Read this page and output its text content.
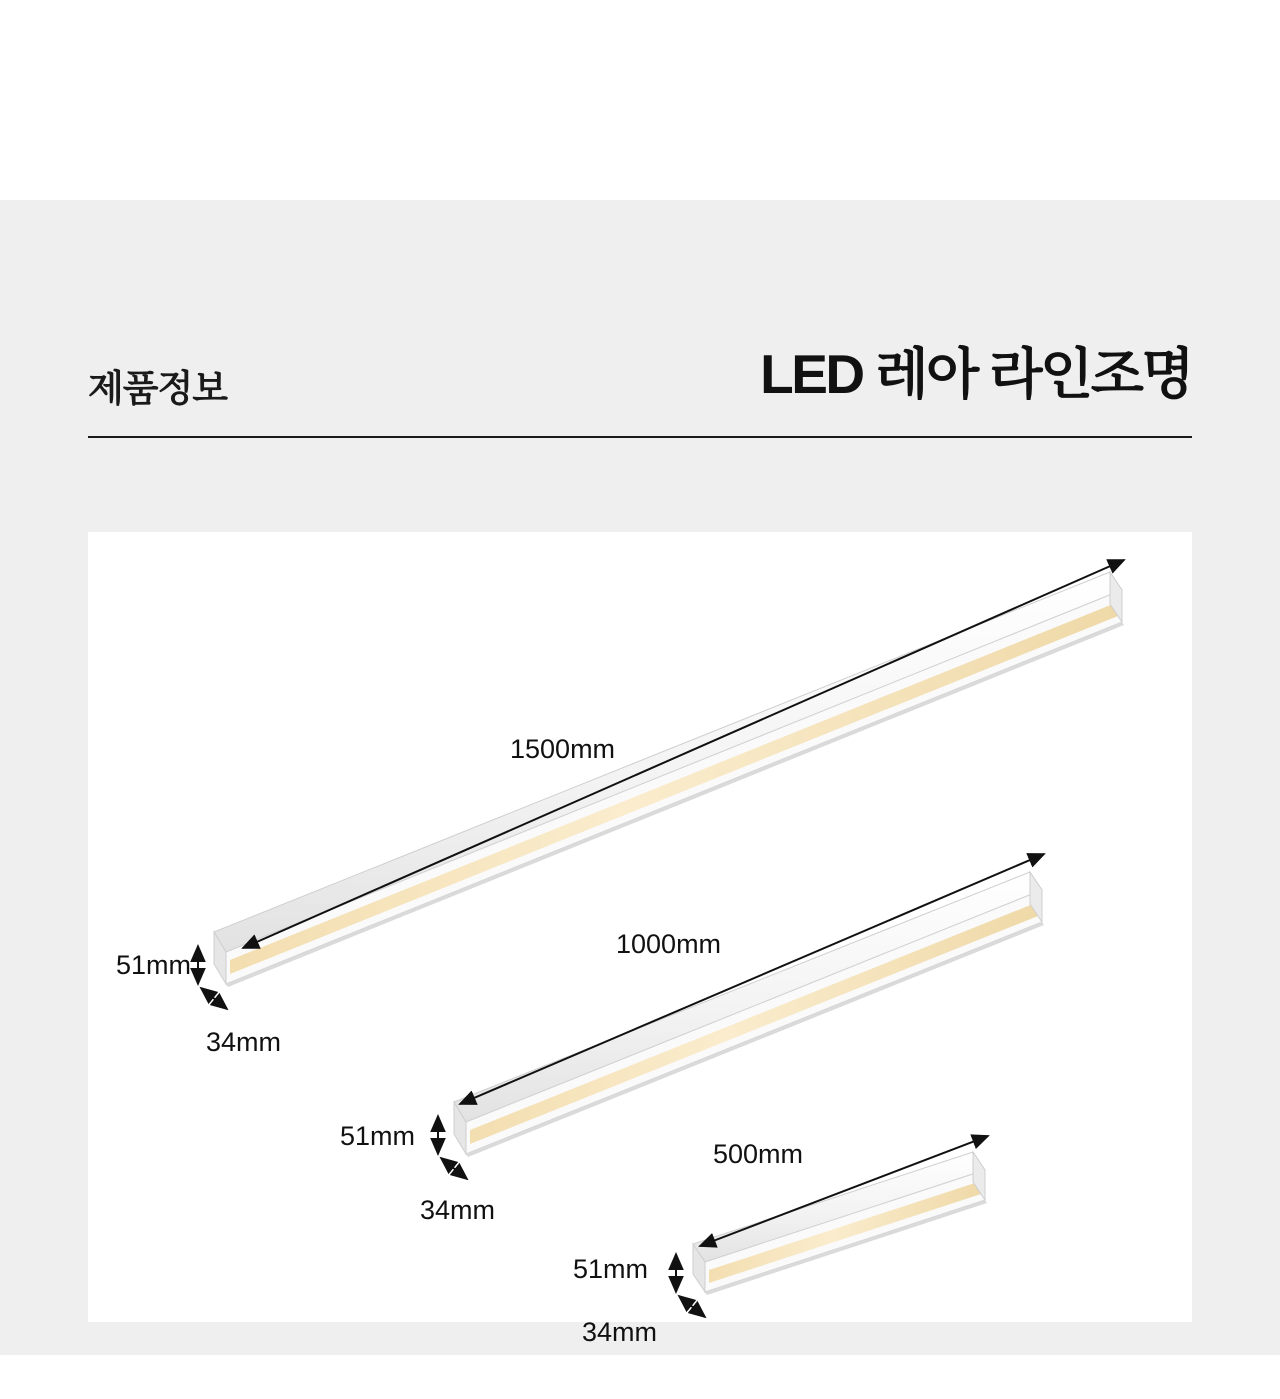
제품정보	LED 레아 라인조명
1500mm
51mm
34mm
1000mm
51mm
34mm
500mm
51mm
34mm
